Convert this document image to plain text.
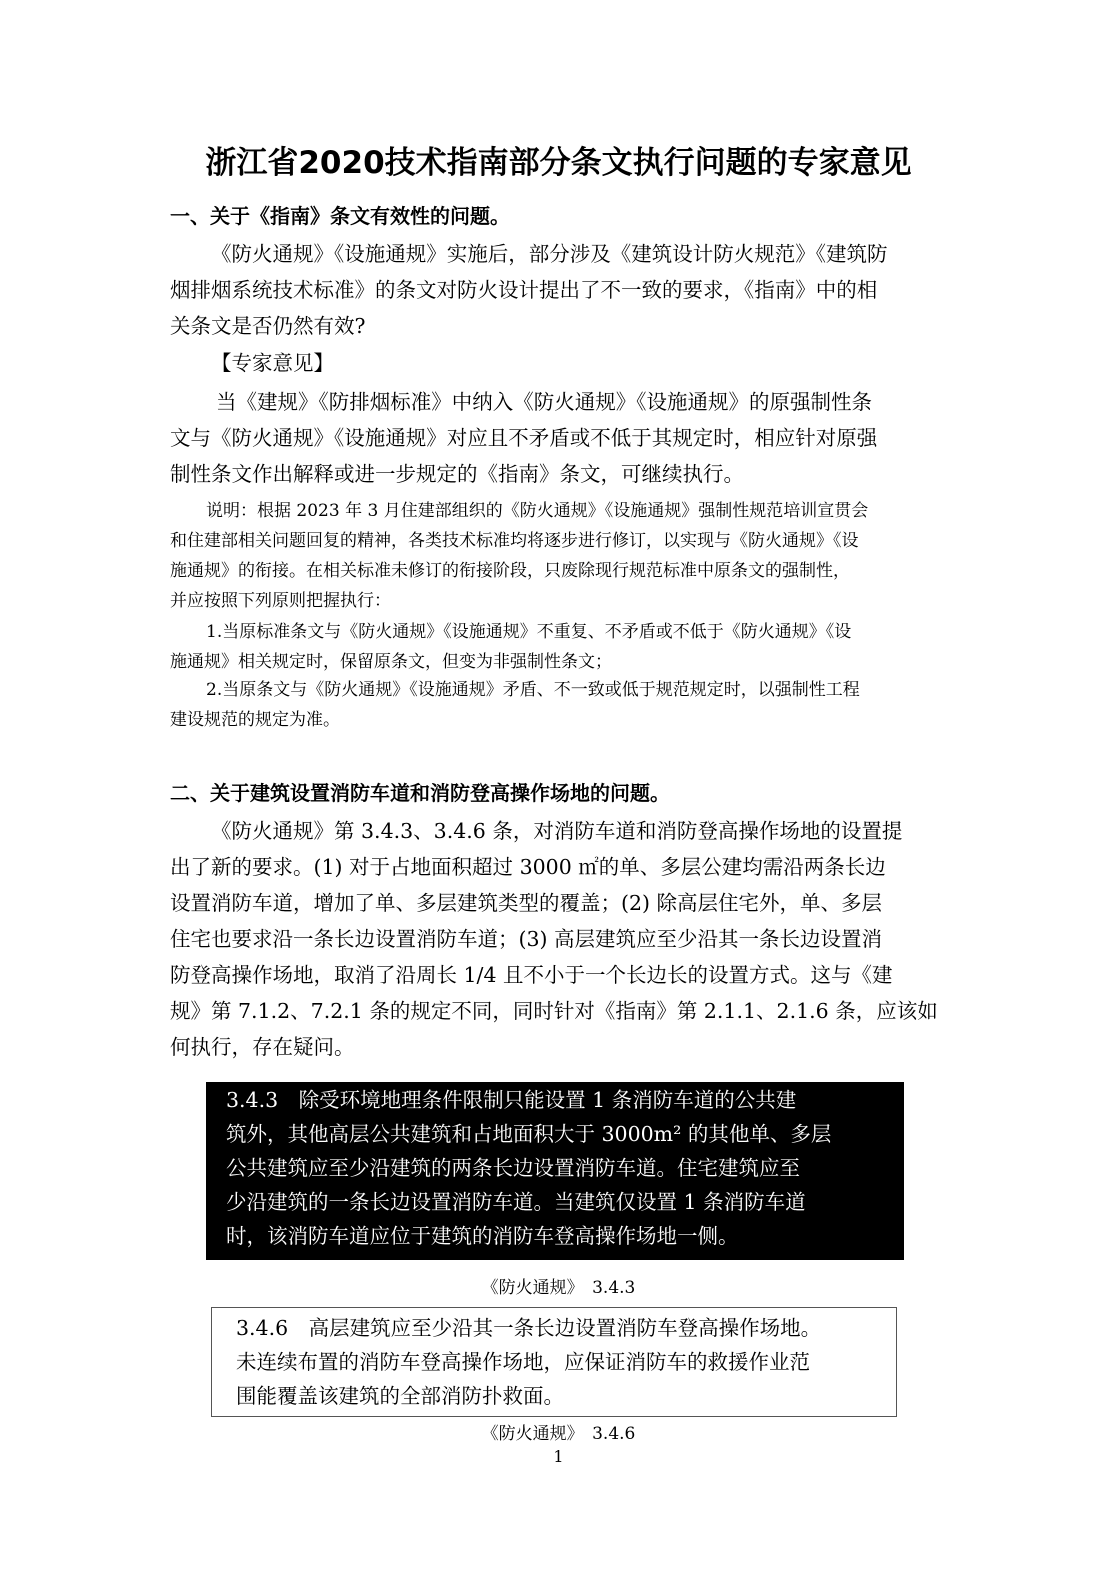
浙江省2020技术指南部分条文执行问题的专家意见
一、关于《指南》条文有效性的问题。
《防火通规》《设施通规》实施后，部分涉及《建筑设计防火规范》《建筑防
烟排烟系统技术标准》的条文对防火设计提出了不一致的要求，《指南》中的相
关条文是否仍然有效?
【专家意见】
当《建规》《防排烟标准》中纳入《防火通规》《设施通规》的原强制性条
文与《防火通规》《设施通规》对应且不矛盾或不低于其规定时，相应针对原强
制性条文作出解释或进一步规定的《指南》条文，可继续执行。
说明：根据 2023 年 3 月住建部组织的《防火通规》《设施通规》强制性规范培训宣贯会
和住建部相关问题回复的精神，各类技术标准均将逐步进行修订，以实现与《防火通规》《设
施通规》的衔接。在相关标准未修订的衔接阶段，只废除现行规范标准中原条文的强制性，
并应按照下列原则把握执行：
1.当原标准条文与《防火通规》《设施通规》不重复、不矛盾或不低于《防火通规》《设
施通规》相关规定时，保留原条文，但变为非强制性条文；
2.当原条文与《防火通规》《设施通规》矛盾、不一致或低于规范规定时，以强制性工程
建设规范的规定为准。
二、关于建筑设置消防车道和消防登高操作场地的问题。
《防火通规》第 3.4.3、3.4.6 条，对消防车道和消防登高操作场地的设置提
出了新的要求。(1) 对于占地面积超过 3000 ㎡的单、多层公建均需沿两条长边
设置消防车道，增加了单、多层建筑类型的覆盖；(2) 除高层住宅外，单、多层
住宅也要求沿一条长边设置消防车道；(3) 高层建筑应至少沿其一条长边设置消
防登高操作场地，取消了沿周长 1/4 且不小于一个长边长的设置方式。这与《建
规》第 7.1.2、7.2.1 条的规定不同，同时针对《指南》第 2.1.1、2.1.6 条，应该如
何执行，存在疑问。
3.4.3　除受环境地理条件限制只能设置 1 条消防车道的公共建
筑外，其他高层公共建筑和占地面积大于 3000m² 的其他单、多层
公共建筑应至少沿建筑的两条长边设置消防车道。住宅建筑应至
少沿建筑的一条长边设置消防车道。当建筑仅设置 1 条消防车道
时，该消防车道应位于建筑的消防车登高操作场地一侧。
《防火通规》　3.4.3
3.4.6　高层建筑应至少沿其一条长边设置消防车登高操作场地。
未连续布置的消防车登高操作场地，应保证消防车的救援作业范
围能覆盖该建筑的全部消防扑救面。
《防火通规》　3.4.6
1
